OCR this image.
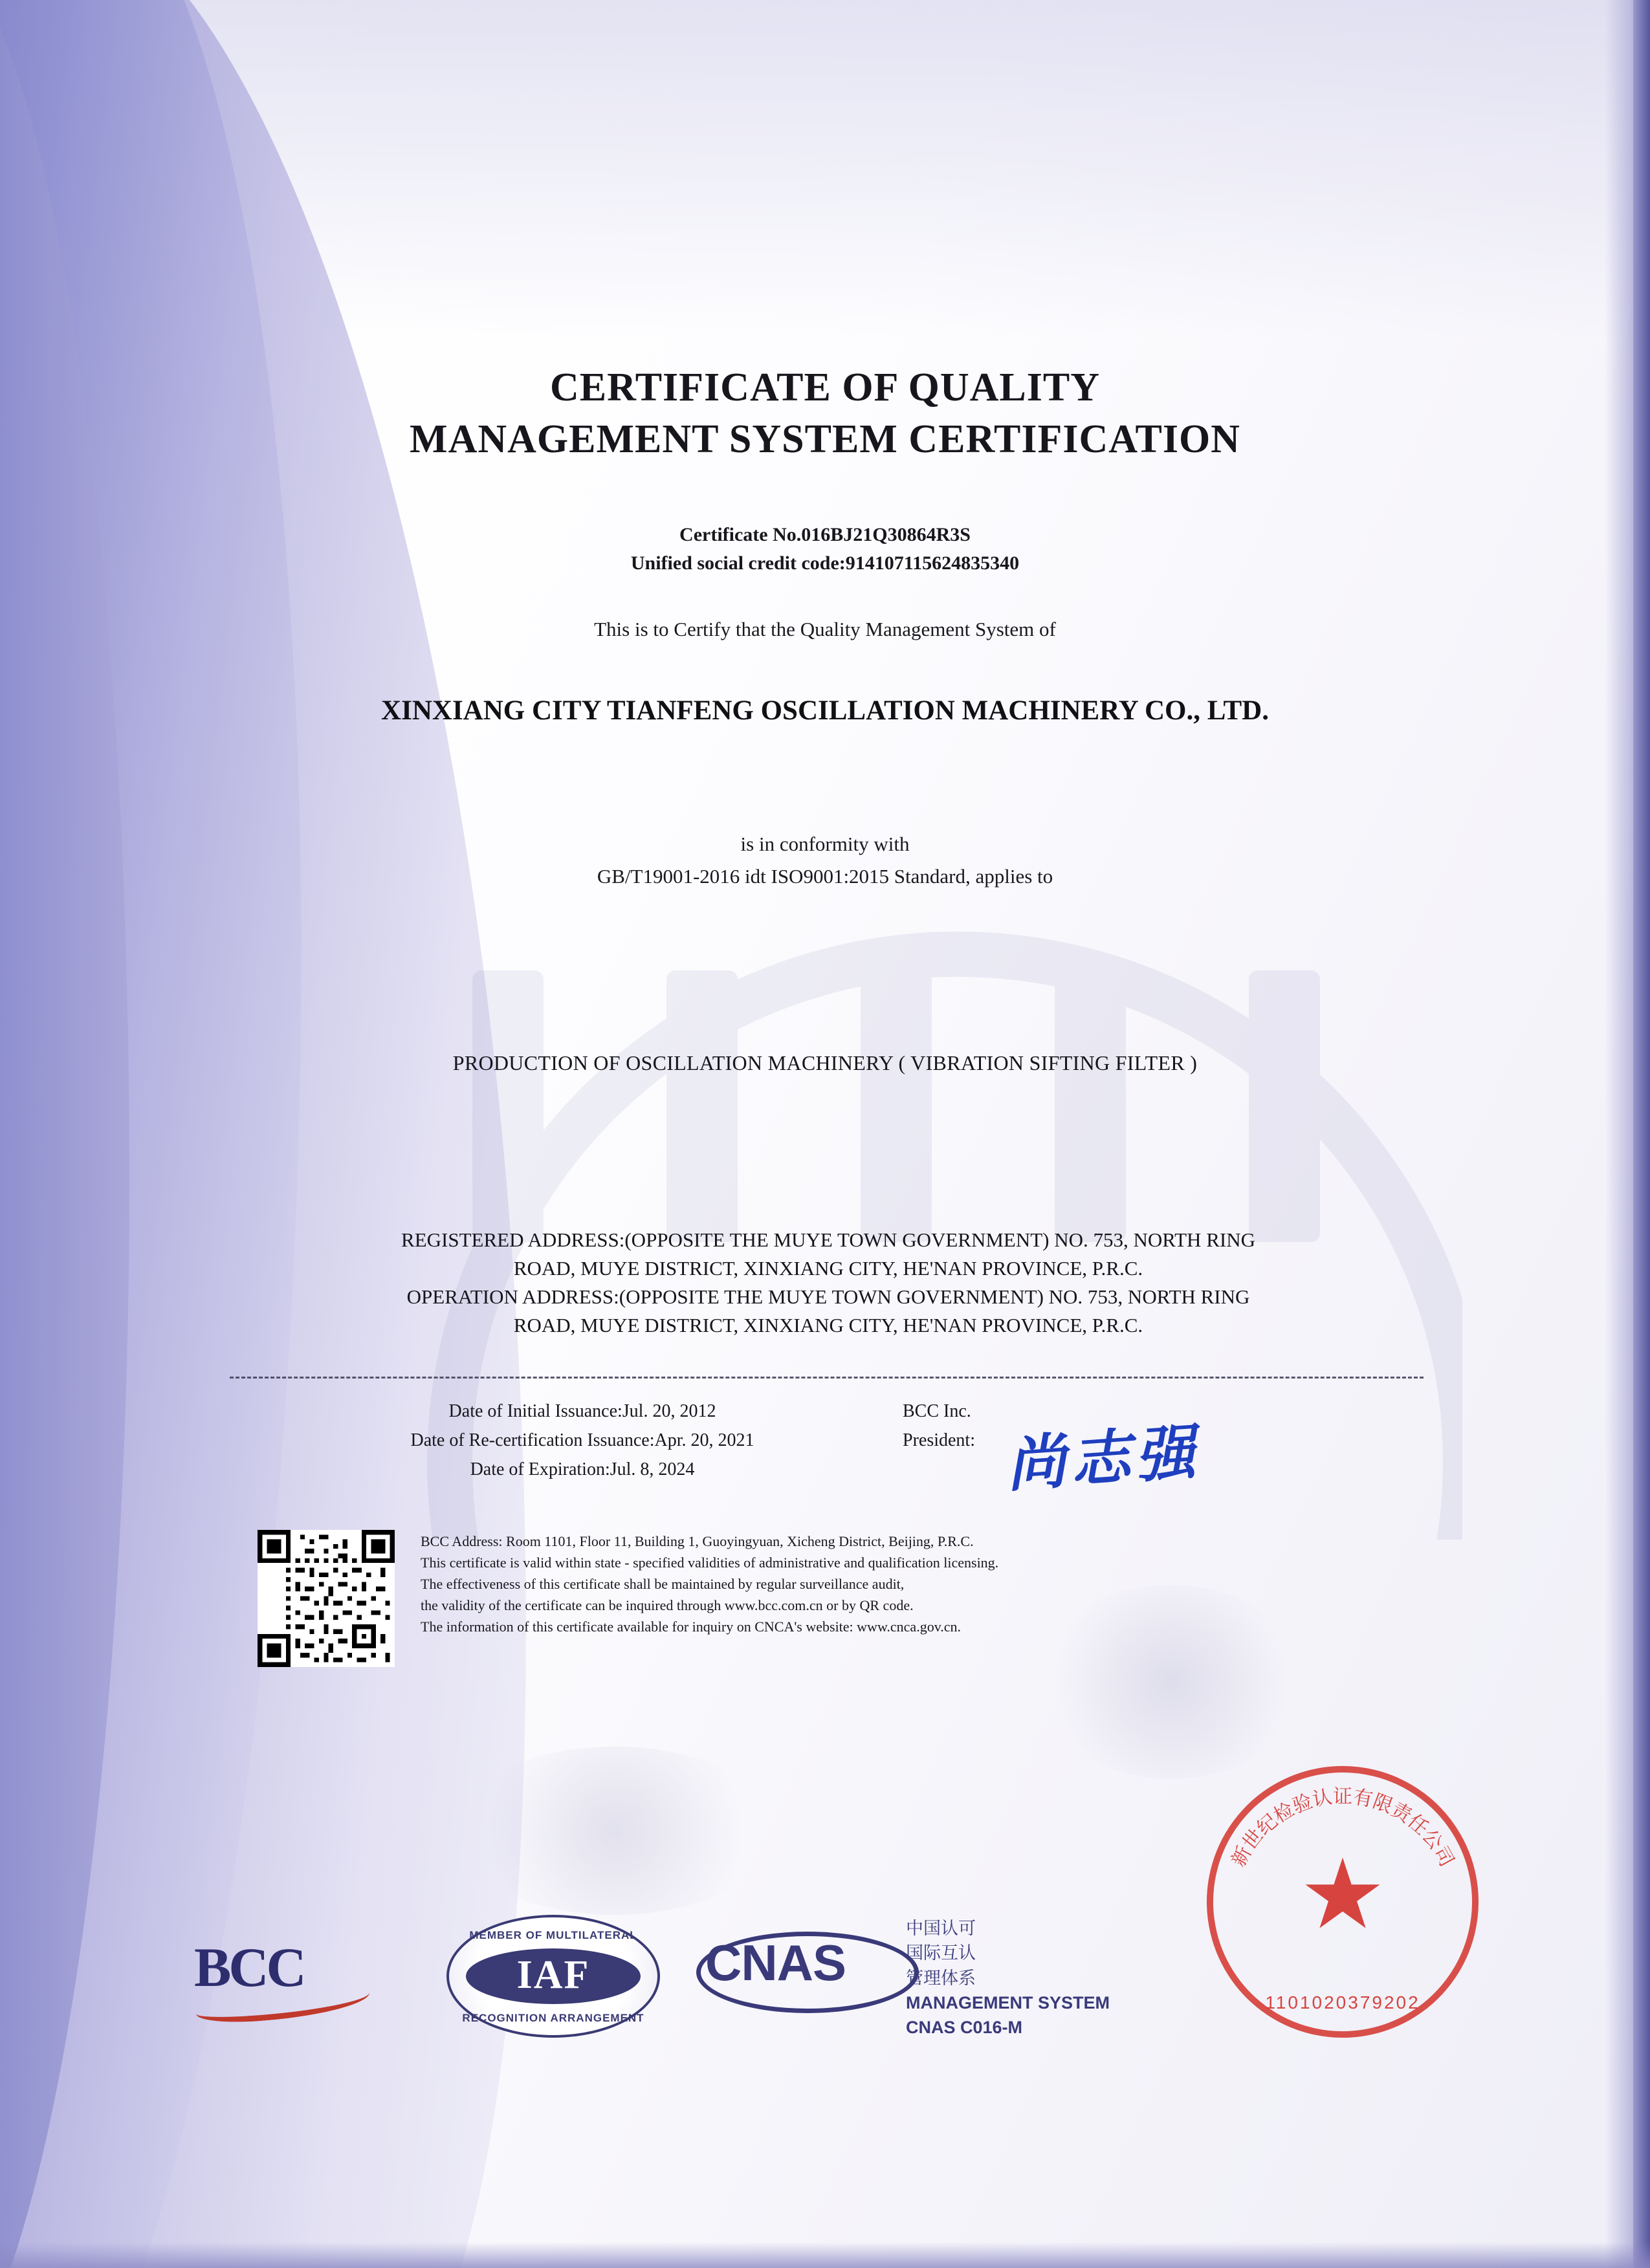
CERTIFICATE OF QUALITY
MANAGEMENT SYSTEM CERTIFICATION
Certificate No.016BJ21Q30864R3S
Unified social credit code:914107115624835340
This is to Certify that the Quality Management System of
XINXIANG CITY TIANFENG OSCILLATION MACHINERY CO., LTD.
is in conformity with
GB/T19001-2016 idt ISO9001:2015 Standard, applies to
PRODUCTION OF OSCILLATION MACHINERY ( VIBRATION SIFTING FILTER )
REGISTERED ADDRESS:(OPPOSITE THE MUYE TOWN GOVERNMENT) NO. 753, NORTH RING
ROAD, MUYE DISTRICT, XINXIANG CITY, HE'NAN PROVINCE, P.R.C.
OPERATION ADDRESS:(OPPOSITE THE MUYE TOWN GOVERNMENT) NO. 753, NORTH RING
ROAD, MUYE DISTRICT, XINXIANG CITY, HE'NAN PROVINCE, P.R.C.
Date of Initial Issuance:Jul. 20, 2012
Date of Re-certification Issuance:Apr. 20, 2021
Date of Expiration:Jul. 8, 2024
BCC Inc.
President: 尚志强
BCC Address: Room 1101, Floor 11, Building 1, Guoyingyuan, Xicheng District, Beijing, P.R.C.
This certificate is valid within state - specified validities of administrative and qualification licensing.
The effectiveness of this certificate shall be maintained by regular surveillance audit,
the validity of the certificate can be inquired through www.bcc.com.cn or by QR code.
The information of this certificate available for inquiry on CNCA's website: www.cnca.gov.cn.
BCC
MEMBER OF MULTILATERAL
IAF
RECOGNITION ARRANGEMENT
CNAS
中国认可
国际互认
管理体系
MANAGEMENT SYSTEM
CNAS C016-M
新世纪检验认证有限责任公司
★
1101020379202
